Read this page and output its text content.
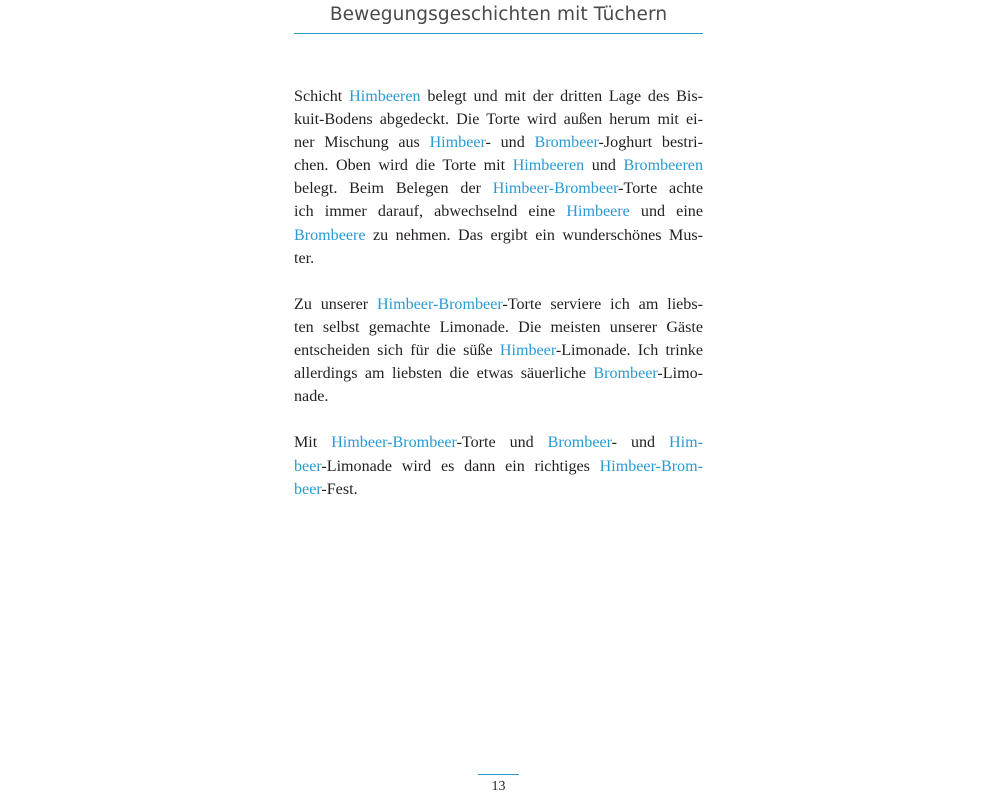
Bewegungsgeschichten mit Tüchern
Schicht Himbeeren belegt und mit der dritten Lage des Bis-
kuit-Bodens abgedeckt. Die Torte wird außen herum mit ei-
ner Mischung aus Himbeer- und Brombeer-Joghurt bestri-
chen. Oben wird die Torte mit Himbeeren und Brombeeren
belegt. Beim Belegen der Himbeer-Brombeer-Torte achte
ich immer darauf, abwechselnd eine Himbeere und eine
Brombeere zu nehmen. Das ergibt ein wunderschönes Mus-
ter.
Zu unserer Himbeer-Brombeer-Torte serviere ich am liebs-
ten selbst gemachte Limonade. Die meisten unserer Gäste
entscheiden sich für die süße Himbeer-Limonade. Ich trinke
allerdings am liebsten die etwas säuerliche Brombeer-Limo-
nade.
Mit Himbeer-Brombeer-Torte und Brombeer- und Him-
beer-Limonade wird es dann ein richtiges Himbeer-Brom-
beer-Fest.
13
